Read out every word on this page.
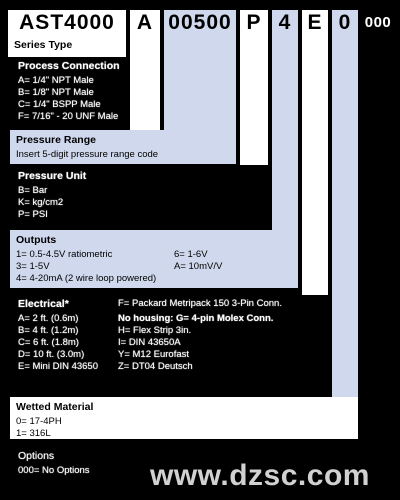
AST4000	A 00500 P 4 E 0 000
Series Type
Process Connection
A= 1/4" NPT Male
B= 1/8" NPT Male
C= 1/4" BSPP Male
F= 7/16" - 20 UNF Male
Pressure Range
Insert 5-digit pressure range code
Pressure Unit
B= Bar
K= kg/cm2
P= PSI
Outputs
1= 0.5-4.5V ratiometric	6= 1-6V
3= 1-5V	A= 10mV/V
4= 4-20mA (2 wire loop powered)
Electrical*	F= Packard Metripack 150 3-Pin Conn.
A= 2 ft. (0.6m)	No housing: G= 4-pin Molex Conn.
B= 4 ft. (1.2m)	H= Flex Strip 3in.
C= 6 ft. (1.8m)	I= DIN 43650A
D= 10 ft. (3.0m)	Y= M12 Eurofast
E= Mini DIN 43650	Z= DT04 Deutsch
Wetted Material
0= 17-4PH
1= 316L
Options
000= No Options	www.dzsc.com
